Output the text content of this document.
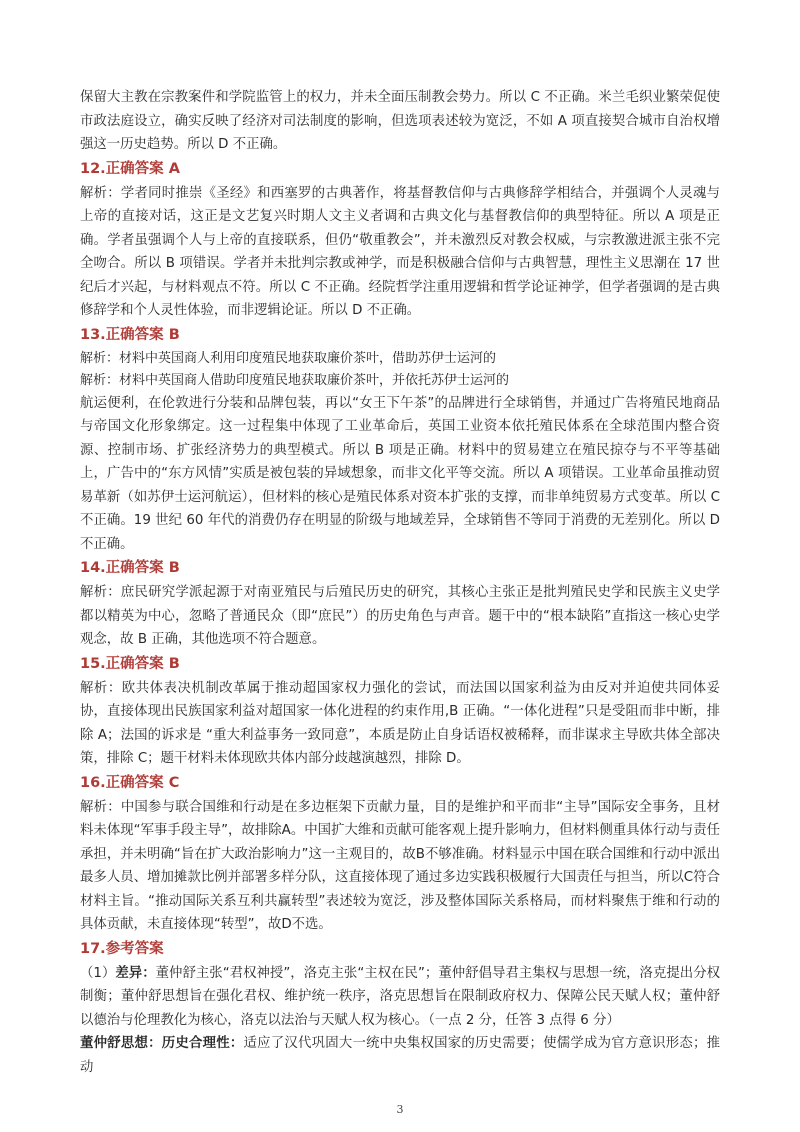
保留大主教在宗教案件和学院监管上的权力，并未全面压制教会势力。所以 C 不正确。米兰毛织业繁荣促使市政法庭设立，确实反映了经济对司法制度的影响，但选项表述较为宽泛，不如 A 项直接契合城市自治权增强这一历史趋势。所以 D 不正确。

12.正确答案 A

解析：学者同时推崇《圣经》和西塞罗的古典著作，将基督教信仰与古典修辞学相结合，并强调个人灵魂与上帝的直接对话，这正是文艺复兴时期人文主义者调和古典文化与基督教信仰的典型特征。所以 A 项是正确。学者虽强调个人与上帝的直接联系，但仍“敬重教会”，并未激烈反对教会权威，与宗教激进派主张不完全吻合。所以 B 项错误。学者并未批判宗教或神学，而是积极融合信仰与古典智慧，理性主义思潮在 17 世纪后才兴起，与材料观点不符。所以 C 不正确。经院哲学注重用逻辑和哲学论证神学，但学者强调的是古典修辞学和个人灵性体验，而非逻辑论证。所以 D 不正确。

13.正确答案 B

解析：材料中英国商人利用印度殖民地获取廉价茶叶，借助苏伊士运河的

解析：材料中英国商人借助印度殖民地获取廉价茶叶，并依托苏伊士运河的

航运便利，在伦敦进行分装和品牌包装，再以“女王下午茶”的品牌进行全球销售，并通过广告将殖民地商品与帝国文化形象绑定。这一过程集中体现了工业革命后，英国工业资本依托殖民体系在全球范围内整合资源、控制市场、扩张经济势力的典型模式。所以 B 项是正确。材料中的贸易建立在殖民掠夺与不平等基础上，广告中的“东方风情”实质是被包装的异域想象，而非文化平等交流。所以 A 项错误。工业革命虽推动贸易革新（如苏伊士运河航运），但材料的核心是殖民体系对资本扩张的支撑，而非单纯贸易方式变革。所以 C 不正确。19 世纪 60 年代的消费仍存在明显的阶级与地域差异，全球销售不等同于消费的无差别化。所以 D 不正确。

14.正确答案 B

解析：庶民研究学派起源于对南亚殖民与后殖民历史的研究，其核心主张正是批判殖民史学和民族主义史学都以精英为中心，忽略了普通民众（即“庶民”）的历史角色与声音。题干中的“根本缺陷”直指这一核心史学观念，故 B 正确，其他选项不符合题意。

15.正确答案 B

解析：欧共体表决机制改革属于推动超国家权力强化的尝试，而法国以国家利益为由反对并迫使共同体妥协，直接体现出民族国家利益对超国家一体化进程的约束作用,B 正确。“一体化进程”只是受阻而非中断，排除 A；法国的诉求是 “重大利益事务一致同意”，本质是防止自身话语权被稀释，而非谋求主导欧共体全部决策，排除 C；题干材料未体现欧共体内部分歧越演越烈，排除 D。

16.正确答案 C

解析：中国参与联合国维和行动是在多边框架下贡献力量，目的是维护和平而非“主导”国际安全事务，且材料未体现“军事手段主导”，故排除A。中国扩大维和贡献可能客观上提升影响力，但材料侧重具体行动与责任承担，并未明确“旨在扩大政治影响力”这一主观目的，故B不够准确。材料显示中国在联合国维和行动中派出最多人员、增加摊款比例并部署多样分队，这直接体现了通过多边实践积极履行大国责任与担当，所以C符合材料主旨。“推动国际关系互利共赢转型”表述较为宽泛，涉及整体国际关系格局，而材料聚焦于维和行动的具体贡献，未直接体现“转型”，故D不选。

17.参考答案

（1）差异：董仲舒主张“君权神授”，洛克主张“主权在民”；董仲舒倡导君主集权与思想一统，洛克提出分权制衡；董仲舒思想旨在强化君权、维护统一秩序，洛克思想旨在限制政府权力、保障公民天赋人权；董仲舒以德治与伦理教化为核心，洛克以法治与天赋人权为核心。（一点 2 分，任答 3 点得 6 分）

董仲舒思想：历史合理性：适应了汉代巩固大一统中央集权国家的历史需要；使儒学成为官方意识形态；推动

3
